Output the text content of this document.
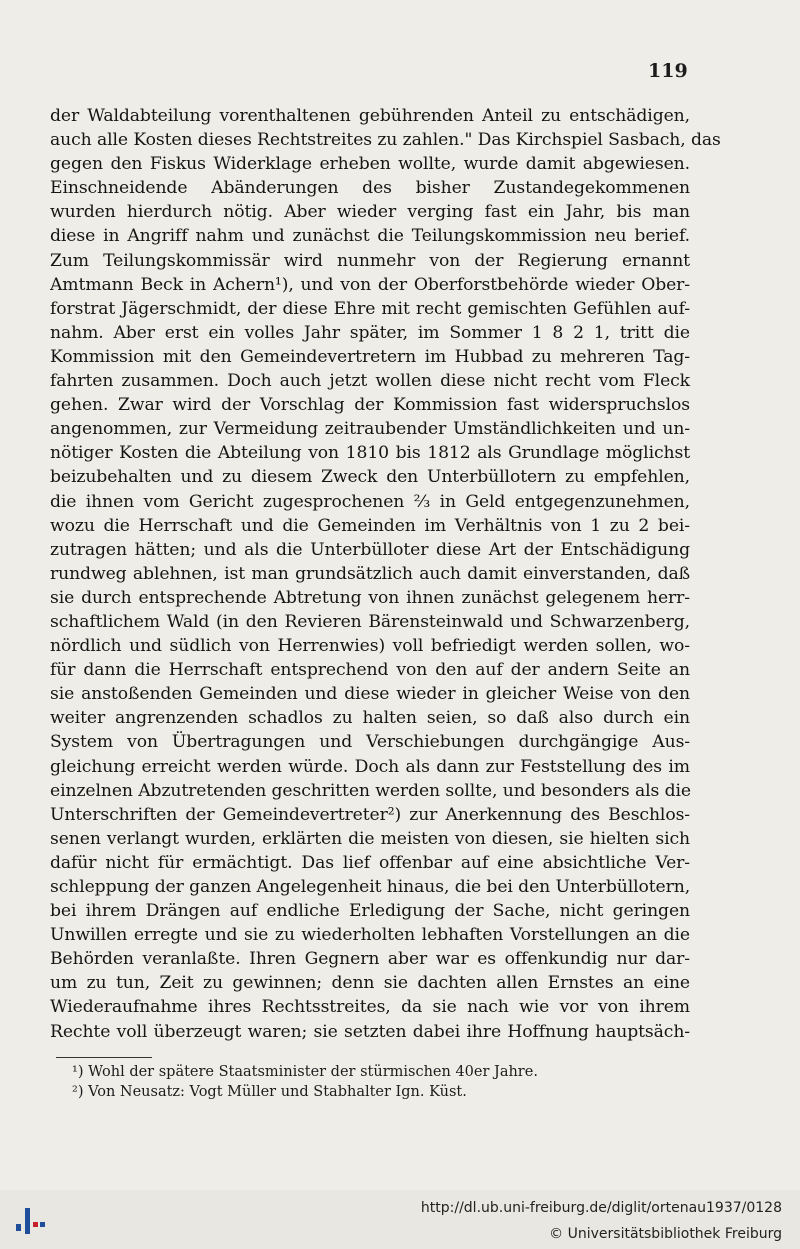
119
der Waldabteilung vorenthaltenen gebührenden Anteil zu entschädigen,
auch alle Kosten dieses Rechtstreites zu zahlen." Das Kirchspiel Sasbach, das
gegen den Fiskus Widerklage erheben wollte, wurde damit abgewiesen.
Einschneidende Abänderungen des bisher Zustandegekommenen
wurden hierdurch nötig. Aber wieder verging fast ein Jahr, bis man
diese in Angriff nahm und zunächst die Teilungskommission neu berief.
Zum Teilungskommissär wird nunmehr von der Regierung ernannt
Amtmann Beck in Achern¹), und von der Oberforstbehörde wieder Ober-
forstrat Jägerschmidt, der diese Ehre mit recht gemischten Gefühlen auf-
nahm. Aber erst ein volles Jahr später, im Sommer 1 8 2 1, tritt die
Kommission mit den Gemeindevertretern im Hubbad zu mehreren Tag-
fahrten zusammen. Doch auch jetzt wollen diese nicht recht vom Fleck
gehen. Zwar wird der Vorschlag der Kommission fast widerspruchslos
angenommen, zur Vermeidung zeitraubender Umständlichkeiten und un-
nötiger Kosten die Abteilung von 1810 bis 1812 als Grundlage möglichst
beizubehalten und zu diesem Zweck den Unterbüllotern zu empfehlen,
die ihnen vom Gericht zugesprochenen ⅔ in Geld entgegenzunehmen,
wozu die Herrschaft und die Gemeinden im Verhältnis von 1 zu 2 bei-
zutragen hätten; und als die Unterbülloter diese Art der Entschädigung
rundweg ablehnen, ist man grundsätzlich auch damit einverstanden, daß
sie durch entsprechende Abtretung von ihnen zunächst gelegenem herr-
schaftlichem Wald (in den Revieren Bärensteinwald und Schwarzenberg,
nördlich und südlich von Herrenwies) voll befriedigt werden sollen, wo-
für dann die Herrschaft entsprechend von den auf der andern Seite an
sie anstoßenden Gemeinden und diese wieder in gleicher Weise von den
weiter angrenzenden schadlos zu halten seien, so daß also durch ein
System von Übertragungen und Verschiebungen durchgängige Aus-
gleichung erreicht werden würde. Doch als dann zur Feststellung des im
einzelnen Abzutretenden geschritten werden sollte, und besonders als die
Unterschriften der Gemeindevertreter²) zur Anerkennung des Beschlos-
senen verlangt wurden, erklärten die meisten von diesen, sie hielten sich
dafür nicht für ermächtigt. Das lief offenbar auf eine absichtliche Ver-
schleppung der ganzen Angelegenheit hinaus, die bei den Unterbüllotern,
bei ihrem Drängen auf endliche Erledigung der Sache, nicht geringen
Unwillen erregte und sie zu wiederholten lebhaften Vorstellungen an die
Behörden veranlaßte. Ihren Gegnern aber war es offenkundig nur dar-
um zu tun, Zeit zu gewinnen; denn sie dachten allen Ernstes an eine
Wiederaufnahme ihres Rechtsstreites, da sie nach wie vor von ihrem
Rechte voll überzeugt waren; sie setzten dabei ihre Hoffnung hauptsäch-
¹) Wohl der spätere Staatsminister der stürmischen 40er Jahre.
²) Von Neusatz: Vogt Müller und Stabhalter Ign. Küst.
http://dl.ub.uni-freiburg.de/diglit/ortenau1937/0128
© Universitätsbibliothek Freiburg
